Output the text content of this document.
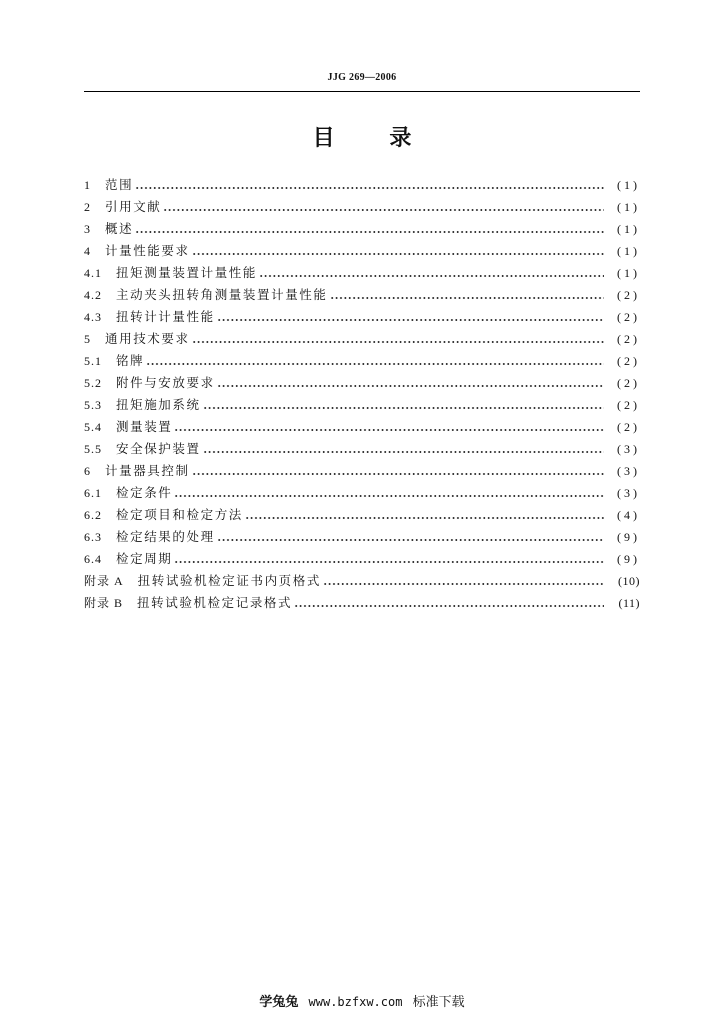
JJG 269—2006
目 录
1 范围	(1)
2 引用文献	(1)
3 概述	(1)
4 计量性能要求	(1)
4.1 扭矩测量装置计量性能	(1)
4.2 主动夹头扭转角测量装置计量性能	(2)
4.3 扭转计计量性能	(2)
5 通用技术要求	(2)
5.1 铭牌	(2)
5.2 附件与安放要求	(2)
5.3 扭矩施加系统	(2)
5.4 测量装置	(2)
5.5 安全保护装置	(3)
6 计量器具控制	(3)
6.1 检定条件	(3)
6.2 检定项目和检定方法	(4)
6.3 检定结果的处理	(9)
6.4 检定周期	(9)
附录 A 扭转试验机检定证书内页格式	(10)
附录 B 扭转试验机检定记录格式	(11)
学兔兔 www.bzfxw.com 标准下载
